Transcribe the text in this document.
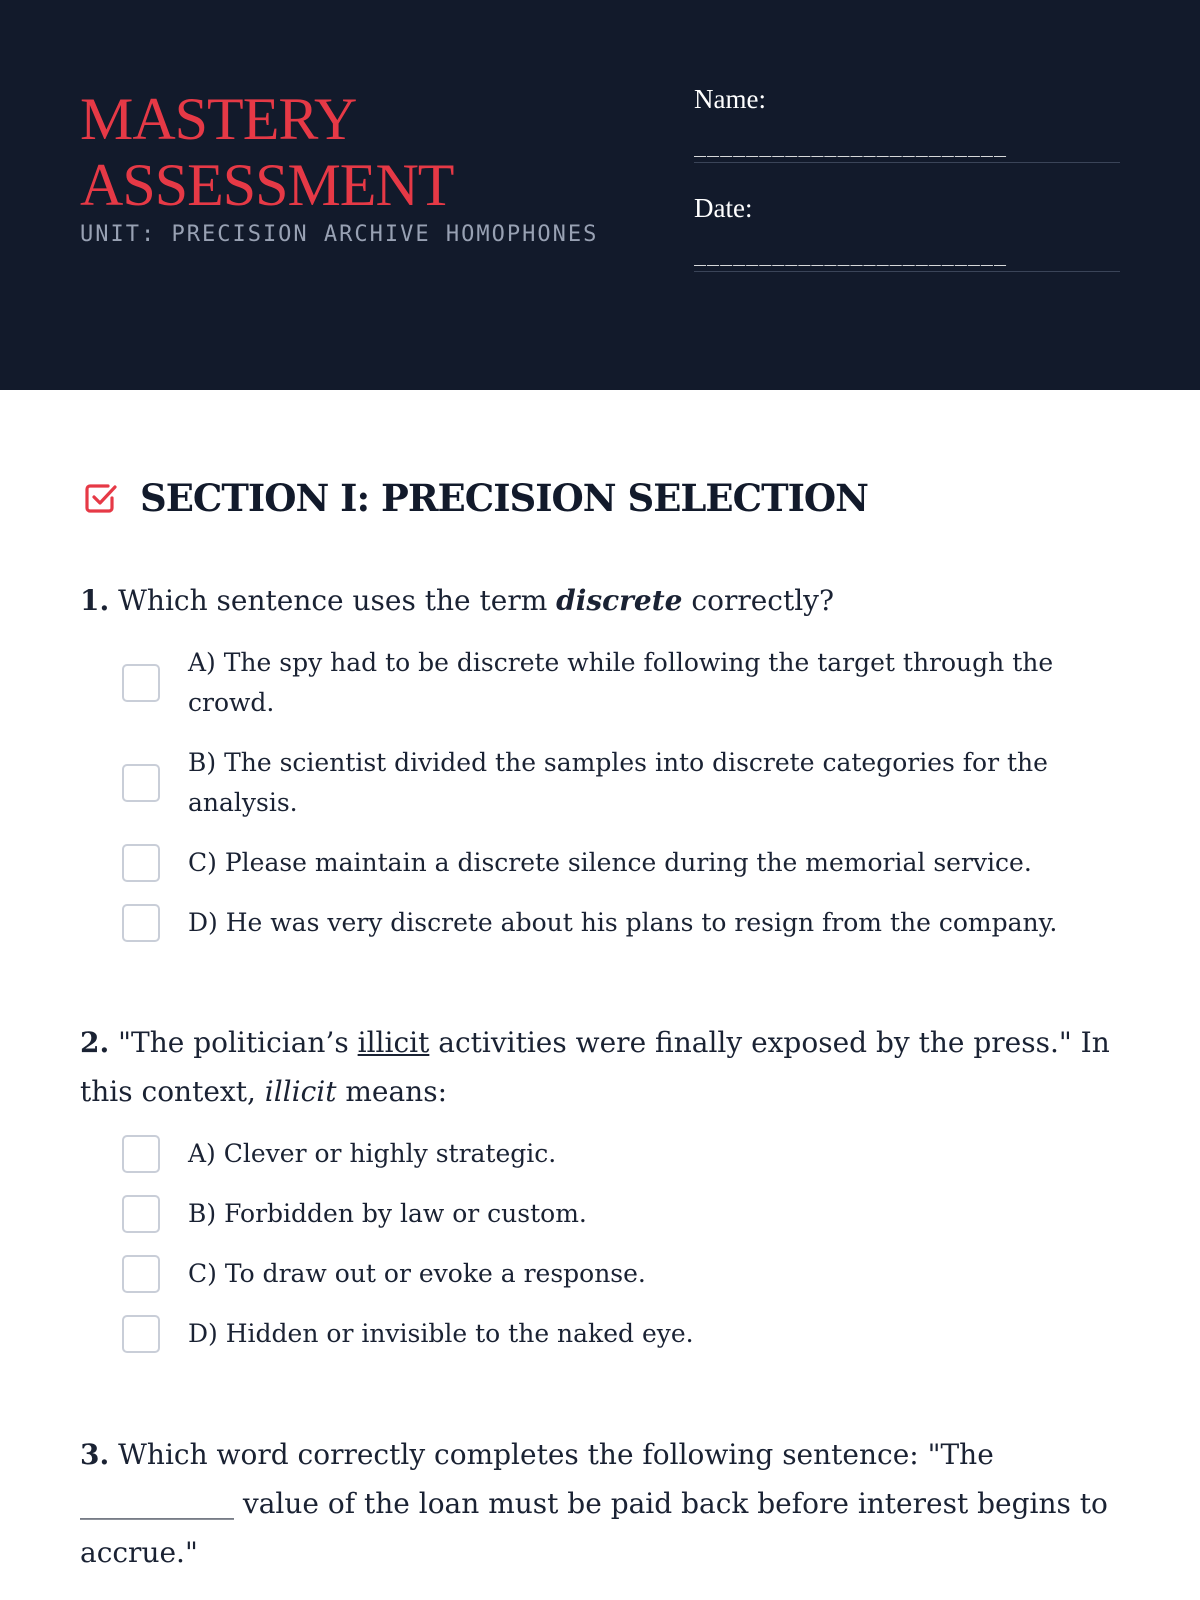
MASTERY
ASSESSMENT
UNIT: PRECISION ARCHIVE HOMOPHONES
Name:
________________________
Date:
________________________
SECTION I: PRECISION SELECTION
1. Which sentence uses the term discrete correctly?
A) The spy had to be discrete while following the target through the crowd.
B) The scientist divided the samples into discrete categories for the analysis.
C) Please maintain a discrete silence during the memorial service.
D) He was very discrete about his plans to resign from the company.
2. "The politician’s illicit activities were finally exposed by the press." In this context, illicit means:
A) Clever or highly strategic.
B) Forbidden by law or custom.
C) To draw out or evoke a response.
D) Hidden or invisible to the naked eye.
3. Which word correctly completes the following sentence: "The ___________ value of the loan must be paid back before interest begins to accrue."
